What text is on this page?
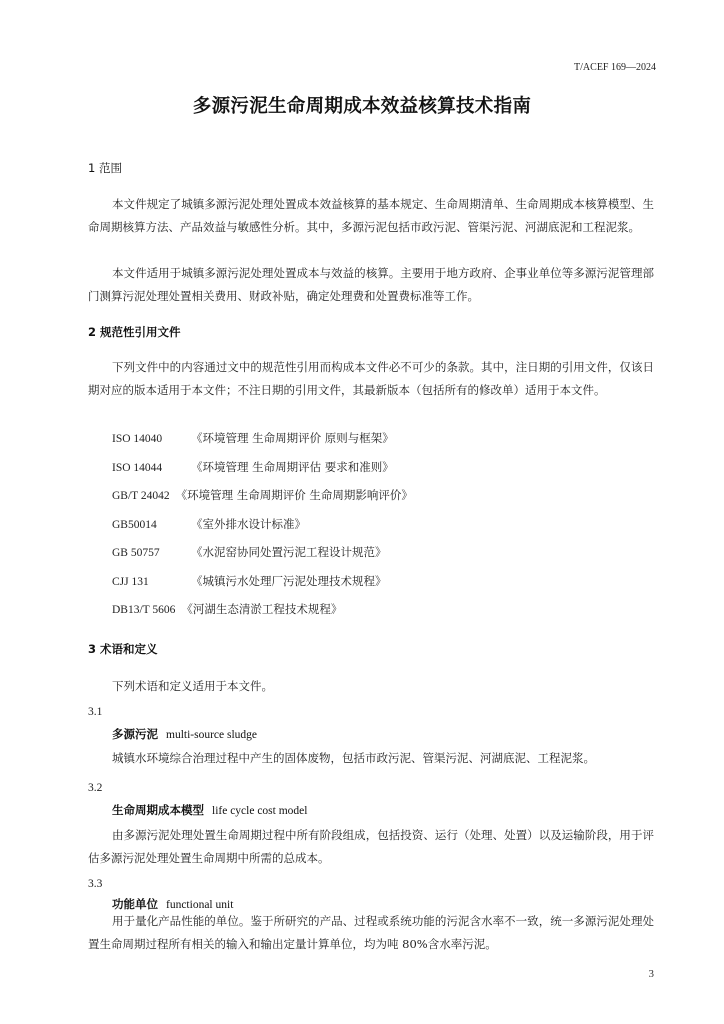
T/ACEF 169—2024
多源污泥生命周期成本效益核算技术指南
1 范围
本文件规定了城镇多源污泥处理处置成本效益核算的基本规定、生命周期清单、生命周期成本核算模型、生命周期核算方法、产品效益与敏感性分析。其中，多源污泥包括市政污泥、管渠污泥、河湖底泥和工程泥浆。
本文件适用于城镇多源污泥处理处置成本与效益的核算。主要用于地方政府、企事业单位等多源污泥管理部门测算污泥处理处置相关费用、财政补贴，确定处理费和处置费标准等工作。
2 规范性引用文件
下列文件中的内容通过文中的规范性引用而构成本文件必不可少的条款。其中，注日期的引用文件，仅该日期对应的版本适用于本文件；不注日期的引用文件，其最新版本（包括所有的修改单）适用于本文件。
ISO 14040	《环境管理 生命周期评价 原则与框架》
ISO 14044	《环境管理 生命周期评估 要求和准则》
GB/T 24042 《环境管理 生命周期评价 生命周期影响评价》
GB50014	《室外排水设计标准》
GB 50757	《水泥窑协同处置污泥工程设计规范》
CJJ 131	《城镇污水处理厂污泥处理技术规程》
DB13/T 5606 《河湖生态清淤工程技术规程》
3 术语和定义
下列术语和定义适用于本文件。
3.1
多源污泥 multi-source sludge
城镇水环境综合治理过程中产生的固体废物，包括市政污泥、管渠污泥、河湖底泥、工程泥浆。
3.2
生命周期成本模型 life cycle cost model
由多源污泥处理处置生命周期过程中所有阶段组成，包括投资、运行（处理、处置）以及运输阶段，用于评估多源污泥处理处置生命周期中所需的总成本。
3.3
功能单位 functional unit
用于量化产品性能的单位。鉴于所研究的产品、过程或系统功能的污泥含水率不一致，统一多源污泥处理处置生命周期过程所有相关的输入和输出定量计算单位，均为吨 80%含水率污泥。
3
